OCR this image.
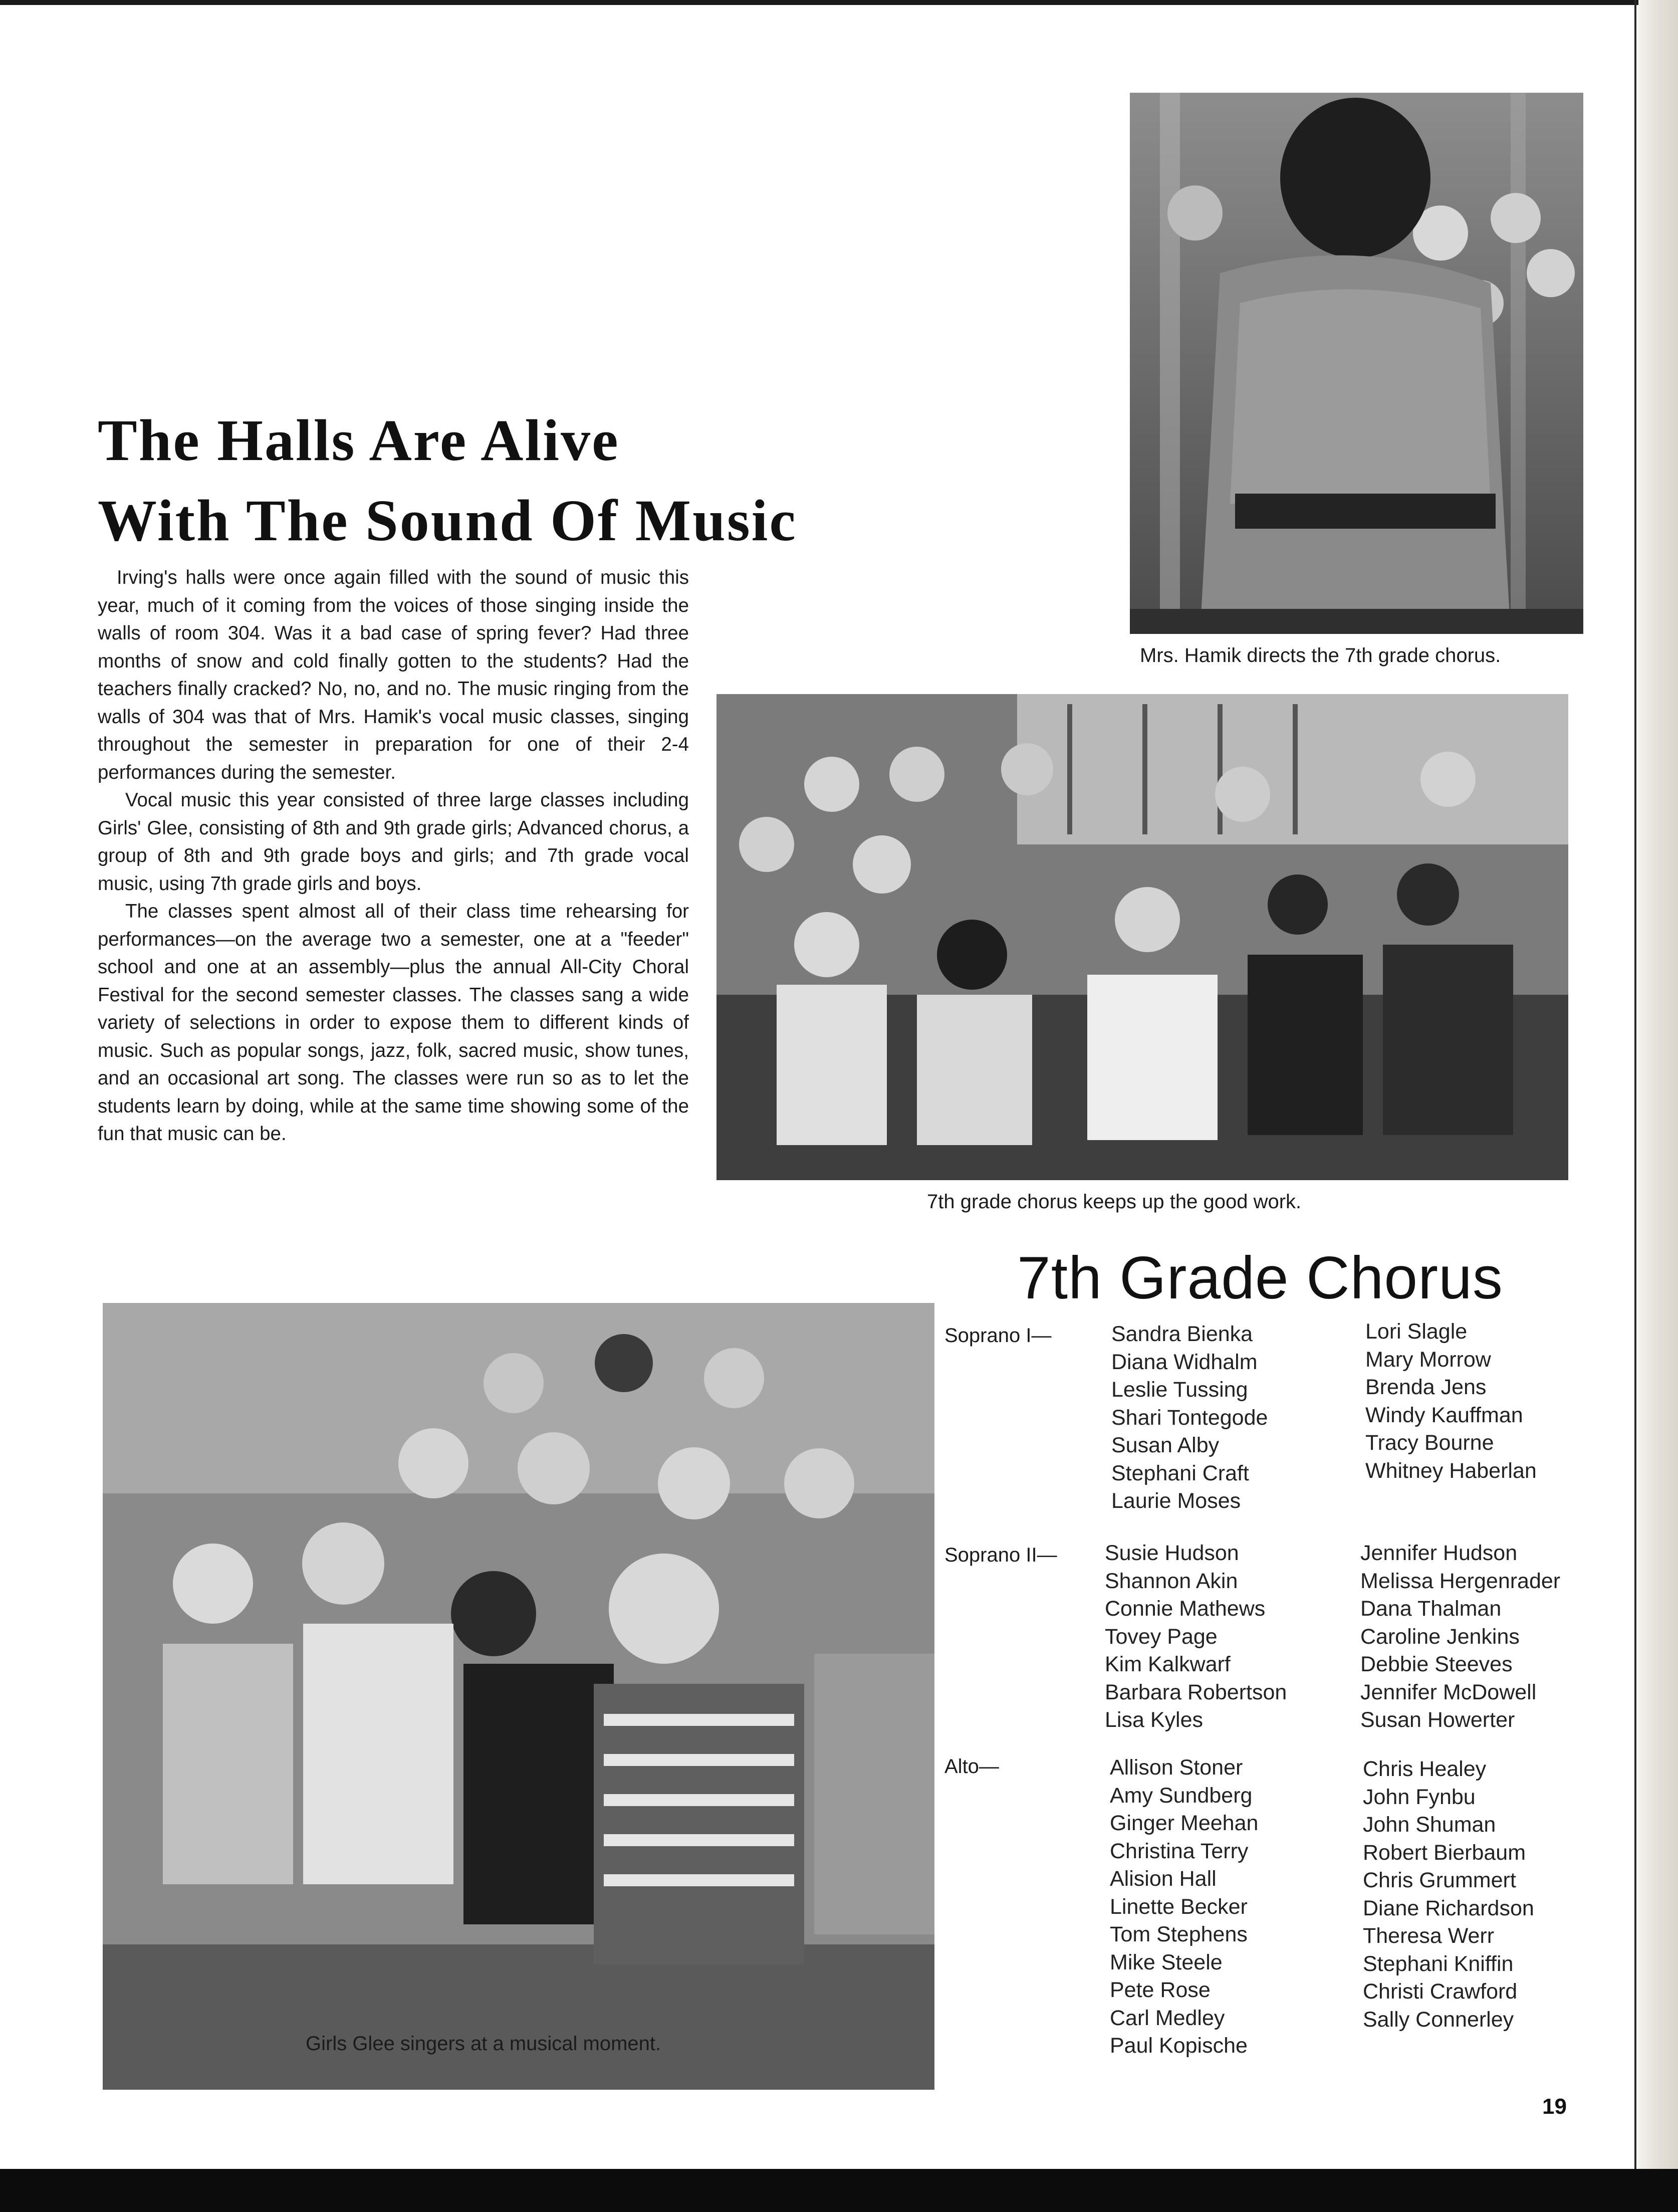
The Halls Are Alive
With The Sound Of Music

Irving's halls were once again filled with the sound of music this year, much of it coming from the voices of those singing inside the walls of room 304. Was it a bad case of spring fever? Had three months of snow and cold finally gotten to the students? Had the teachers finally cracked? No, no, and no. The music ringing from the walls of 304 was that of Mrs. Hamik's vocal music classes, singing throughout the semester in preparation for one of their 2-4 performances during the semester.

Vocal music this year consisted of three large classes including Girls' Glee, consisting of 8th and 9th grade girls; Advanced chorus, a group of 8th and 9th grade boys and girls; and 7th grade vocal music, using 7th grade girls and boys.

The classes spent almost all of their class time rehearsing for performances—on the average two a semester, one at a "feeder" school and one at an assembly—plus the annual All-City Choral Festival for the second semester classes. The classes sang a wide variety of selections in order to expose them to different kinds of music. Such as popular songs, jazz, folk, sacred music, show tunes, and an occasional art song. The classes were run so as to let the students learn by doing, while at the same time showing some of the fun that music can be.

Mrs. Hamik directs the 7th grade chorus.
7th grade chorus keeps up the good work.
Girls Glee singers at a musical moment.
7th Grade Chorus
Soprano I—	Sandra Bienka
Diana Widhalm
Leslie Tussing
Shari Tontegode
Susan Alby
Stephani Craft
Laurie Moses
Lori Slagle
Mary Morrow
Brenda Jens
Windy Kauffman
Tracy Bourne
Whitney Haberlan
Soprano II— Susie Hudson
Shannon Akin
Connie Mathews
Tovey Page
Kim Kalkwarf
Barbara Robertson
Lisa Kyles
Jennifer Hudson
Melissa Hergenrader
Dana Thalman
Caroline Jenkins
Debbie Steeves
Jennifer McDowell
Susan Howerter
Alto—	Allison Stoner
Amy Sundberg
Ginger Meehan
Christina Terry
Alision Hall
Linette Becker
Tom Stephens
Mike Steele
Pete Rose
Carl Medley
Paul Kopische
Chris Healey
John Fynbu
John Shuman
Robert Bierbaum
Chris Grummert
Diane Richardson
Theresa Werr
Stephani Kniffin
Christi Crawford
Sally Connerley
19
